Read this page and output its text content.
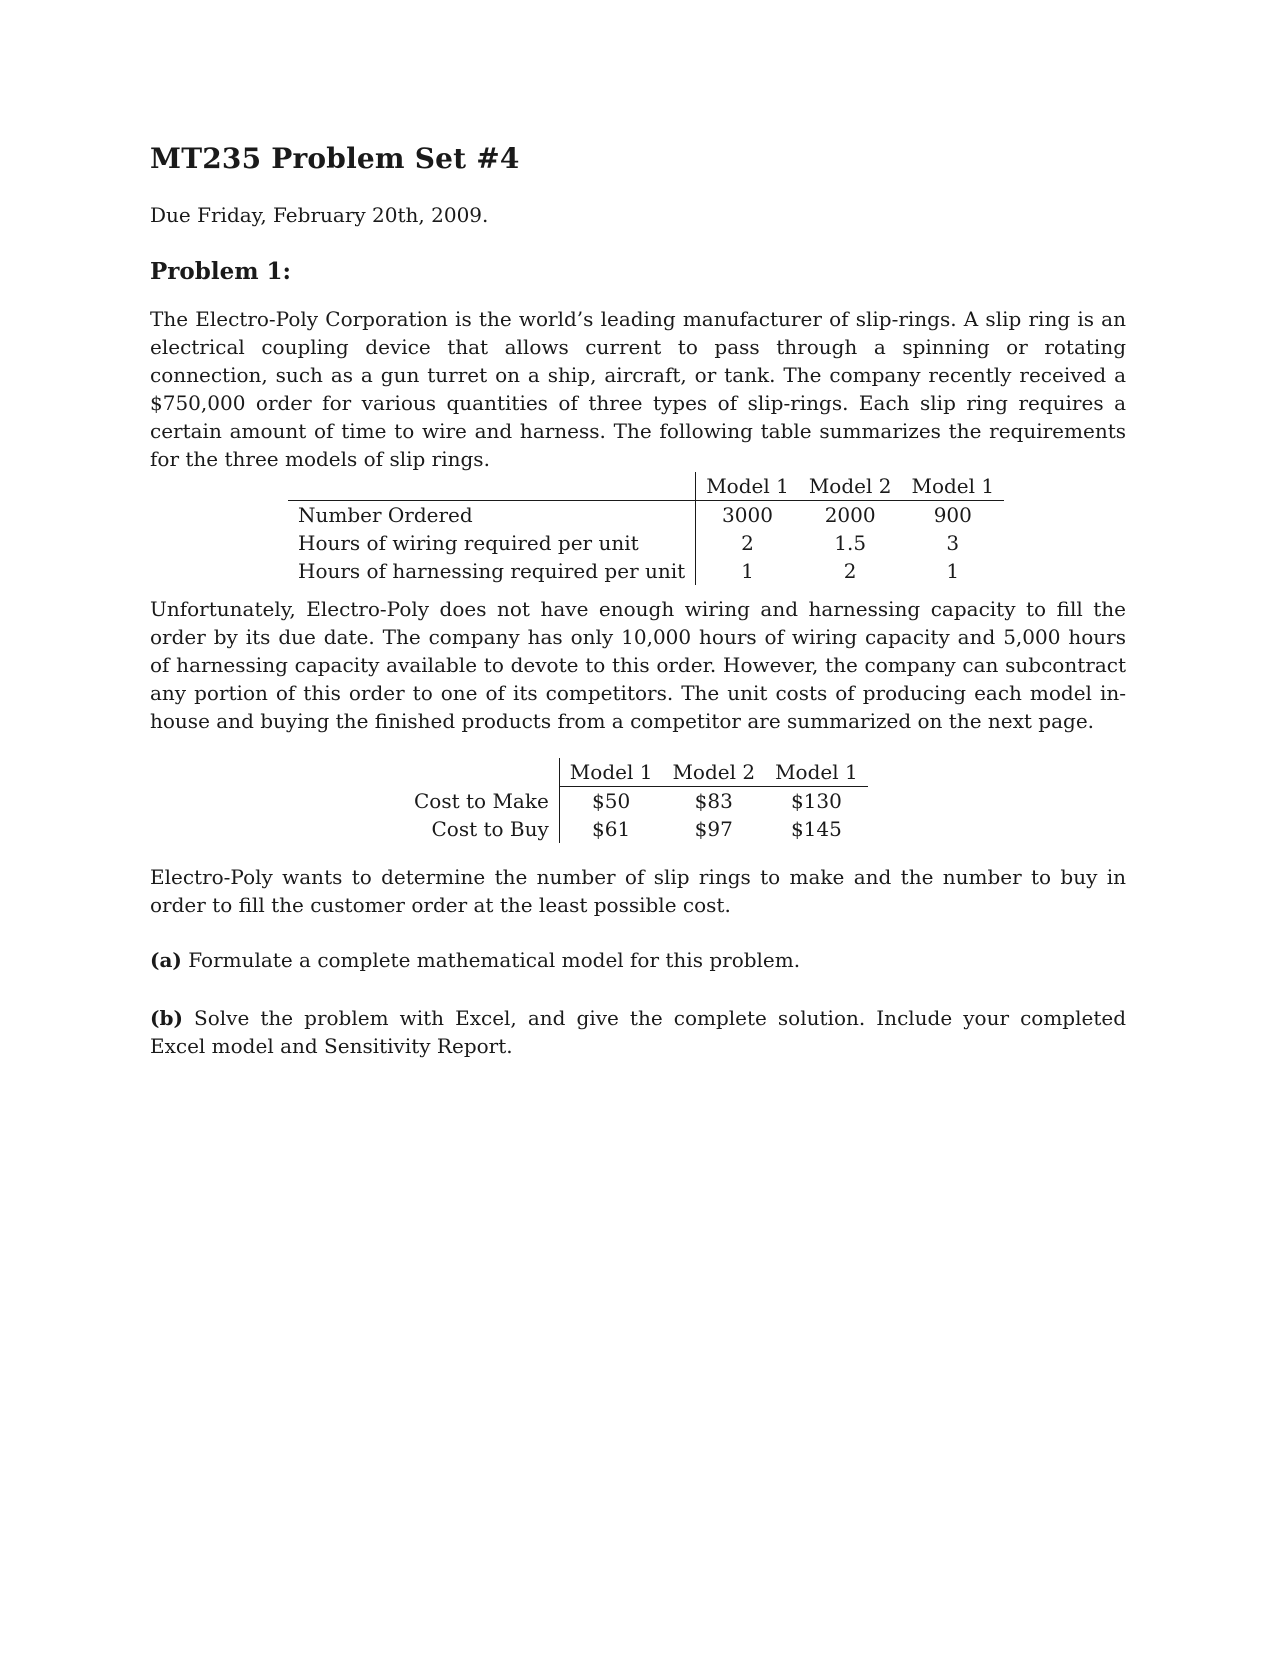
MT235 Problem Set #4
Due Friday, February 20th, 2009.
Problem 1:

The Electro-Poly Corporation is the world’s leading manufacturer of slip-rings. A slip ring is an electrical coupling device that allows current to pass through a spinning or rotating connection, such as a gun turret on a ship, aircraft, or tank. The company recently received a $750,000 order for various quantities of three types of slip-rings. Each slip ring requires a certain amount of time to wire and harness. The following table summarizes the requirements for the three models of slip rings.

	Model 1	Model 2	Model 1
Number Ordered	3000	2000	900
Hours of wiring required per unit	2	1.5	3
Hours of harnessing required per unit	1	2	1

Unfortunately, Electro-Poly does not have enough wiring and harnessing capacity to fill the order by its due date. The company has only 10,000 hours of wiring capacity and 5,000 hours of harnessing capacity available to devote to this order. However, the company can subcontract any portion of this order to one of its competitors. The unit costs of producing each model in-house and buying the finished products from a competitor are summarized on the next page.

	Model 1	Model 2	Model 1
Cost to Make	$50	$83	$130
Cost to Buy	$61	$97	$145

Electro-Poly wants to determine the number of slip rings to make and the number to buy in order to fill the customer order at the least possible cost.

(a) Formulate a complete mathematical model for this problem.

(b) Solve the problem with Excel, and give the complete solution. Include your completed Excel model and Sensitivity Report.
